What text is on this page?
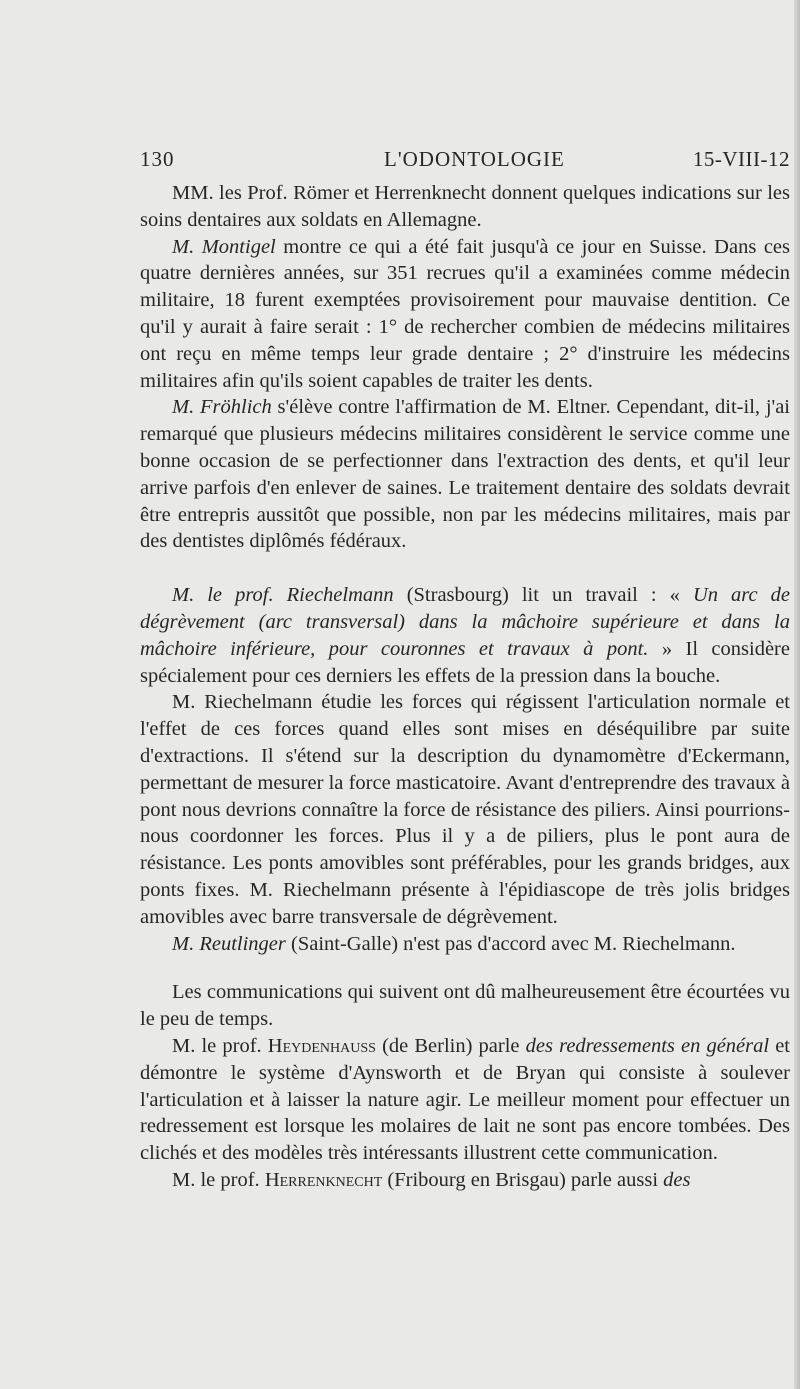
130	L'ODONTOLOGIE	15-VIII-12

MM. les Prof. Römer et Herrenknecht donnent quelques indications sur les soins dentaires aux soldats en Allemagne.

M. Montigel montre ce qui a été fait jusqu'à ce jour en Suisse. Dans ces quatre dernières années, sur 351 recrues qu'il a examinées comme médecin militaire, 18 furent exemptées provisoirement pour mauvaise dentition. Ce qu'il y aurait à faire serait : 1° de rechercher combien de médecins militaires ont reçu en même temps leur grade dentaire ; 2° d'instruire les médecins militaires afin qu'ils soient capables de traiter les dents.

M. Fröhlich s'élève contre l'affirmation de M. Eltner. Cependant, dit-il, j'ai remarqué que plusieurs médecins militaires considèrent le service comme une bonne occasion de se perfectionner dans l'extraction des dents, et qu'il leur arrive parfois d'en enlever de saines. Le traitement dentaire des soldats devrait être entrepris aussitôt que possible, non par les médecins militaires, mais par des dentistes diplômés fédéraux.

M. le prof. Riechelmann (Strasbourg) lit un travail : « Un arc de dégrèvement (arc transversal) dans la mâchoire supérieure et dans la mâchoire inférieure, pour couronnes et travaux à pont. » Il considère spécialement pour ces derniers les effets de la pression dans la bouche.

M. Riechelmann étudie les forces qui régissent l'articulation normale et l'effet de ces forces quand elles sont mises en déséquilibre par suite d'extractions. Il s'étend sur la description du dynamomètre d'Eckermann, permettant de mesurer la force masticatoire. Avant d'entreprendre des travaux à pont nous devrions connaître la force de résistance des piliers. Ainsi pourrions-nous coordonner les forces. Plus il y a de piliers, plus le pont aura de résistance. Les ponts amovibles sont préférables, pour les grands bridges, aux ponts fixes. M. Riechelmann présente à l'épidiascope de très jolis bridges amovibles avec barre transversale de dégrèvement.

M. Reutlinger (Saint-Galle) n'est pas d'accord avec M. Riechelmann.

Les communications qui suivent ont dû malheureusement être écourtées vu le peu de temps.

M. le prof. Heydenhauss (de Berlin) parle des redressements en général et démontre le système d'Aynsworth et de Bryan qui consiste à soulever l'articulation et à laisser la nature agir. Le meilleur moment pour effectuer un redressement est lorsque les molaires de lait ne sont pas encore tombées. Des clichés et des modèles très intéressants illustrent cette communication.

M. le prof. Herrenknecht (Fribourg en Brisgau) parle aussi des
